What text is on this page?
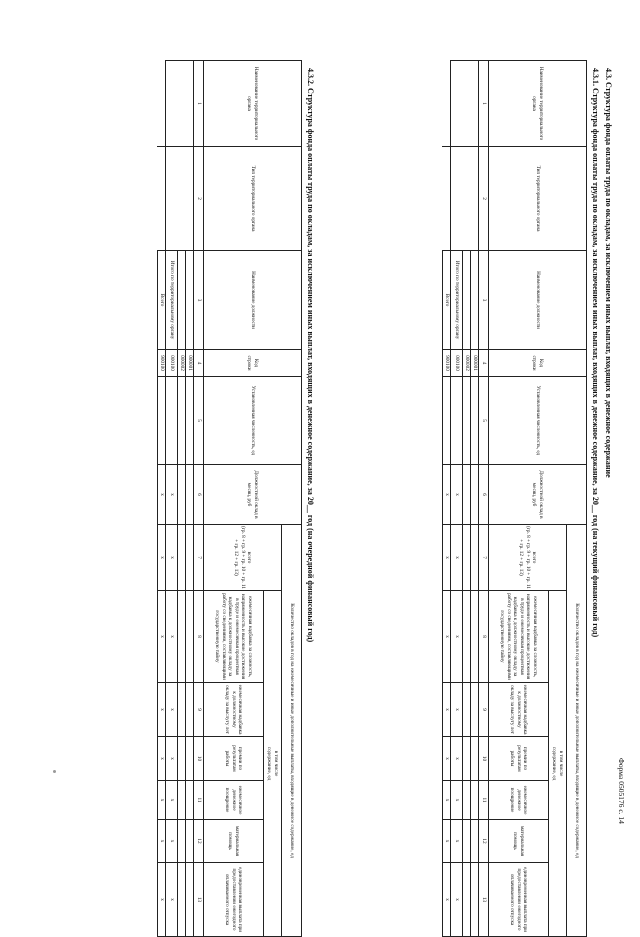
Форма 0505176 с. 14
4.3. Структура фонда оплаты труда по окладам, за исключением иных выплат, входящих в денежное содержание
4.3.1. Структура фонда оплаты труда по окладам, за исключением иных выплат, входящих в денежное содержание, за 20__ год (на текущий финансовый год)
Наименование территориального органа	Тип территориального органа	Наименование должности	Код строки	Установленная численность, ед	Должностной оклад в месяц, руб	Количество окладов в год на ежемесячные и иные дополнительные выплаты, входящие в денежное содержание, ед							
						всего
(гр. 8 + гр. 9 + гр. 10 + гр. 11 + гр. 12 + гр. 13)	в том числе
содержание, ед						
							ежемесячная надбавка за сложность, напряженность и высокие достижения в труде и ежемесячная процентная надбавка к должностному окладу за работу со сведениями, составляющими государственную тайну	ежемесячная надбавка к должностному окладу за выслугу лет	премии по результатам работы	ежемесячное денежное поощрение	материальная помощь	единовременная выплата при предоставлении ежегодного оплачиваемого отпуска	
1	2	3	4	5	6	7	8	9	10	11	12	13	
			000001										
			000002										
		Итого по территориальному органу	000100		х	х	х	х	х	х	х	х	
		Всего	900100		х	х	х	х	х	х	х	х	
4.3.2. Структура фонда оплаты труда по окладам, за исключением иных выплат, входящих в денежное содержание, за 20__ год (на очередной финансовый год)
Наименование территориального органа	Тип территориального органа	Наименование должности	Код строки	Установленная численность, ед	Должностной оклад в месяц, руб	Количество окладов в год на ежемесячные и иные дополнительные выплаты, входящие в денежное содержание, ед							
						всего
(гр. 8 + гр. 9 + гр. 10 + гр. 11 + гр. 12 + гр. 13)	в том числе
содержание, ед						
							ежемесячная надбавка за сложность, напряженность и высокие достижения в труде и ежемесячная процентная надбавка к должностному окладу за работу со сведениями, составляющими государственную тайну	ежемесячная надбавка к должностному окладу за выслугу лет	премии по результатам работы	ежемесячное денежное поощрение	материальная помощь	единовременная выплата при предоставлении ежегодного оплачиваемого отпуска	
1	2	3	4	5	6	7	8	9	10	11	12	13	
			000001										
			000002										
		Итого по территориальному органу	000100		х	х	х	х	х	х	х	х	
		Всего	900100		х	х	х	х	х	х	х	х	
